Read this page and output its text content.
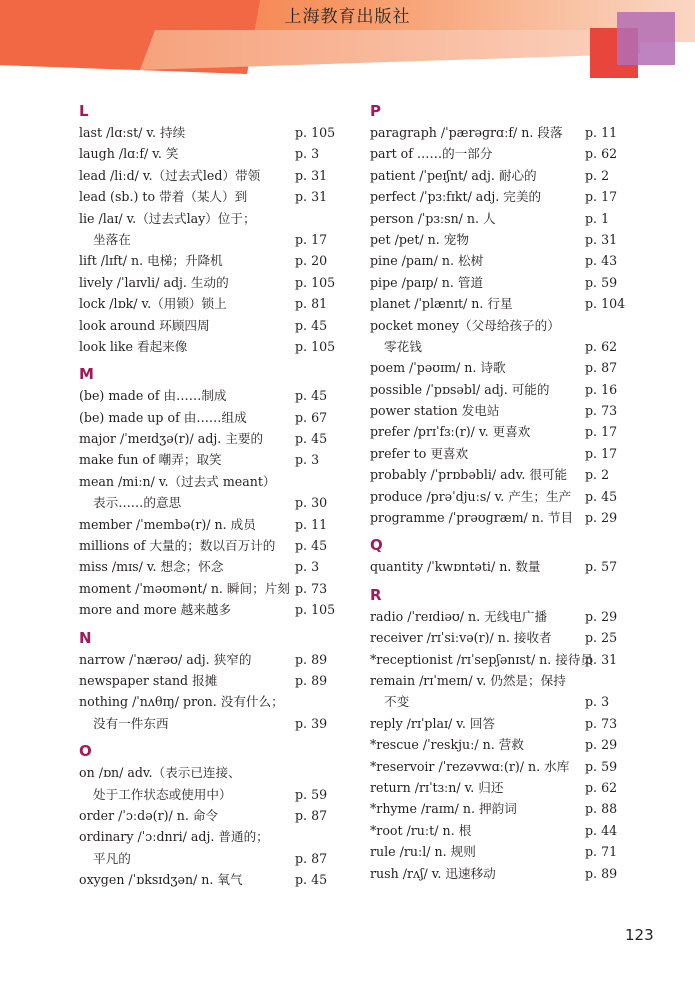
上海教育出版社
L
last /lɑːst/ v. 持续	p. 105
laugh /lɑːf/ v. 笑	p. 3
lead /liːd/ v.（过去式led）带领	p. 31
lead (sb.) to 带着（某人）到	p. 31
lie /laɪ/ v.（过去式lay）位于；
坐落在	p. 17
lift /lɪft/ n. 电梯；升降机	p. 20
lively /ˈlaɪvli/ adj. 生动的	p. 105
lock /lɒk/ v.（用锁）锁上	p. 81
look around 环顾四周	p. 45
look like 看起来像	p. 105
M
(be) made of 由……制成	p. 45
(be) made up of 由……组成	p. 67
major /ˈmeɪdʒə(r)/ adj. 主要的	p. 45
make fun of 嘲弄；取笑	p. 3
mean /miːn/ v.（过去式 meant）
表示……的意思	p. 30
member /ˈmembə(r)/ n. 成员	p. 11
millions of 大量的；数以百万计的 p. 45
miss /mɪs/ v. 想念；怀念	p. 3
moment /ˈməʊmənt/ n. 瞬间；片刻 p. 73
more and more 越来越多	p. 105
N
narrow /ˈnærəʊ/ adj. 狭窄的	p. 89
newspaper stand 报摊	p. 89
nothing /ˈnʌθɪŋ/ pron. 没有什么；
没有一件东西	p. 39
O
on /ɒn/ adv.（表示已连接、
处于工作状态或使用中）	p. 59
order /ˈɔːdə(r)/ n. 命令	p. 87
ordinary /ˈɔːdnri/ adj. 普通的；
平凡的	p. 87
oxygen /ˈɒksɪdʒən/ n. 氧气	p. 45
P
paragraph /ˈpærəɡrɑːf/ n. 段落 p. 11
part of ……的一部分	p. 62
patient /ˈpeɪʃnt/ adj. 耐心的	p. 2
perfect /ˈpɜːfɪkt/ adj. 完美的	p. 17
person /ˈpɜːsn/ n. 人	p. 1
pet /pet/ n. 宠物	p. 31
pine /paɪn/ n. 松树	p. 43
pipe /paɪp/ n. 管道	p. 59
planet /ˈplænɪt/ n. 行星	p. 104
pocket money（父母给孩子的）
零花钱	p. 62
poem /ˈpəʊɪm/ n. 诗歌	p. 87
possible /ˈpɒsəbl/ adj. 可能的	p. 16
power station 发电站	p. 73
prefer /prɪˈfɜː(r)/ v. 更喜欢	p. 17
prefer to 更喜欢	p. 17
probably /ˈprɒbəbli/ adv. 很可能 p. 2
produce /prəˈdjuːs/ v. 产生；生产 p. 45
programme /ˈprəʊɡræm/ n. 节目 p. 29
Q
quantity /ˈkwɒntəti/ n. 数量	p. 57
R
radio /ˈreɪdiəʊ/ n. 无线电广播	p. 29
receiver /rɪˈsiːvə(r)/ n. 接收者	p. 25
*receptionist /rɪˈsepʃənɪst/ n. 接待员
p. 31
remain /rɪˈmeɪn/ v. 仍然是；保持
不变	p. 3
reply /rɪˈplaɪ/ v. 回答	p. 73
*rescue /ˈreskjuː/ n. 营救	p. 29
*reservoir /ˈrezəvwɑː(r)/ n. 水库 p. 59
return /rɪˈtɜːn/ v. 归还	p. 62
*rhyme /raɪm/ n. 押韵词	p. 88
*root /ruːt/ n. 根	p. 44
rule /ruːl/ n. 规则	p. 71
rush /rʌʃ/ v. 迅速移动	p. 89
123
